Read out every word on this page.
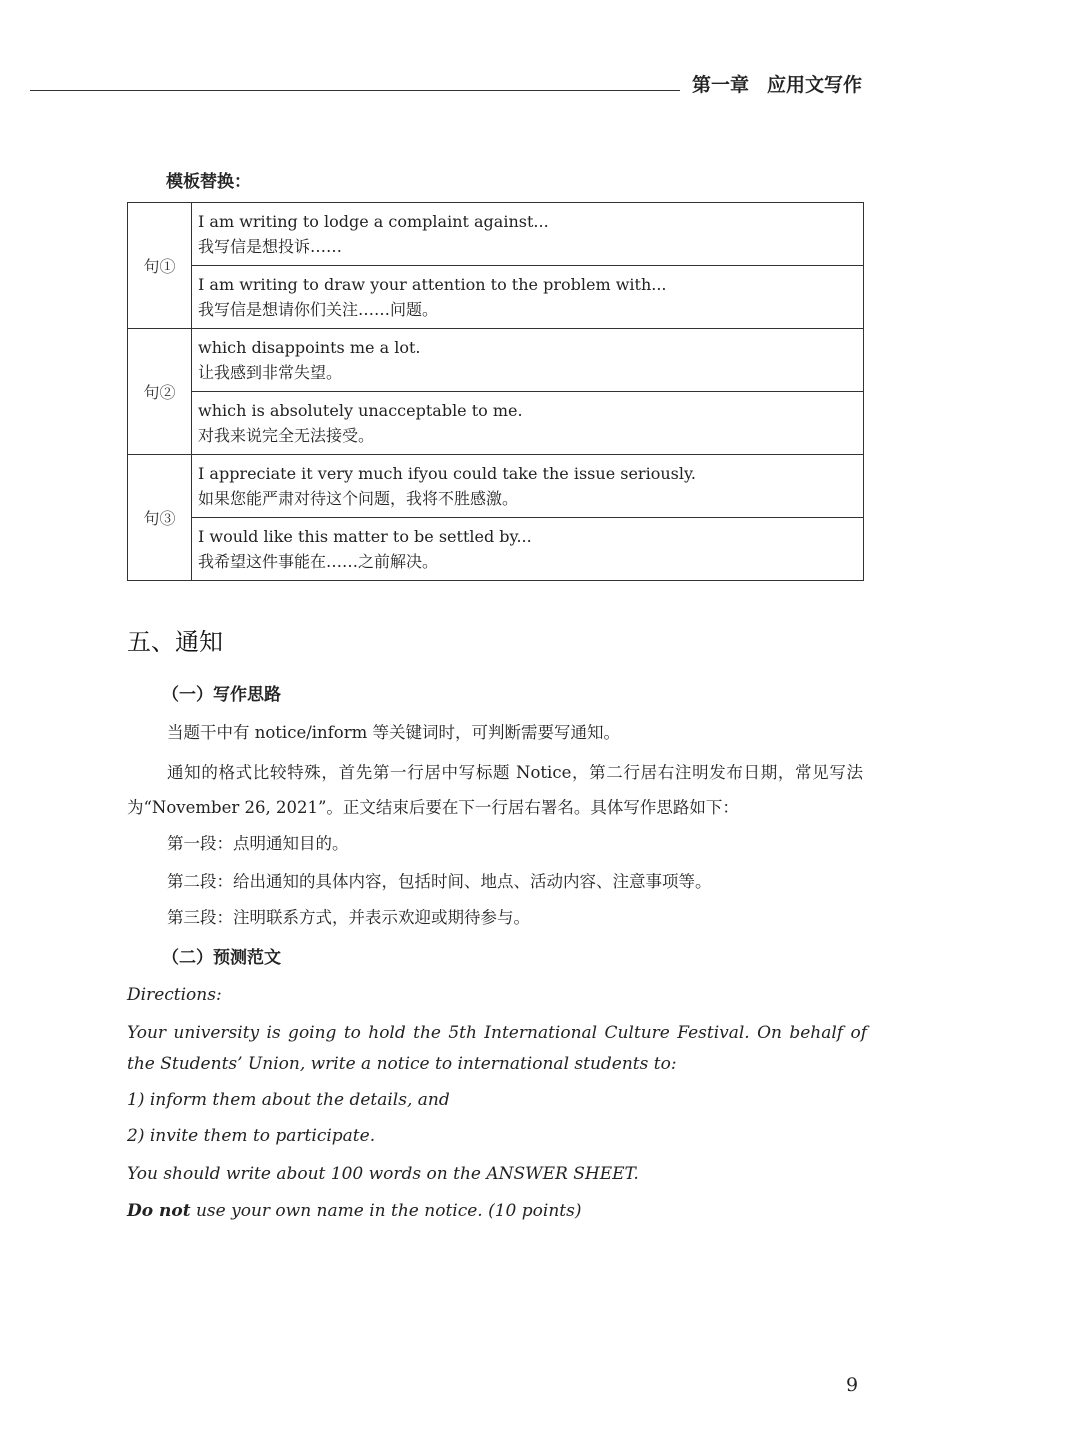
第一章 应用文写作
模板替换：
句①	I am writing to lodge a complaint against...
我写信是想投诉……

	I am writing to draw your attention to the problem with...
我写信是想请你们关注……问题。

句②	which disappoints me a lot.
让我感到非常失望。

	which is absolutely unacceptable to me.
对我来说完全无法接受。

句③	I appreciate it very much ifyou could take the issue seriously.
如果您能严肃对待这个问题，我将不胜感激。

	I would like this matter to be settled by...
我希望这件事能在……之前解决。
五、通知
（一）写作思路
当题干中有 notice/inform 等关键词时，可判断需要写通知。
通知的格式比较特殊，首先第一行居中写标题 Notice，第二行居右注明发布日期，常见写法为“November 26, 2021”。正文结束后要在下一行居右署名。具体写作思路如下：
第一段：点明通知目的。
第二段：给出通知的具体内容，包括时间、地点、活动内容、注意事项等。
第三段：注明联系方式，并表示欢迎或期待参与。
（二）预测范文
Directions:
Your university is going to hold the 5th International Culture Festival. On behalf of the Students’ Union, write a notice to international students to:
1) inform them about the details, and
2) invite them to participate.
You should write about 100 words on the ANSWER SHEET.
Do not use your own name in the notice. (10 points)
9
